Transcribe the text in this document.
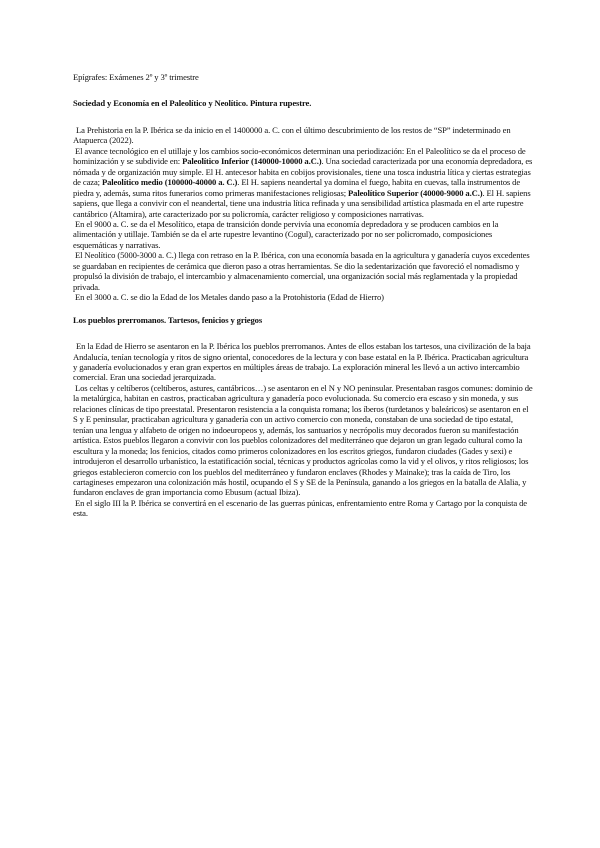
Epígrafes: Exámenes 2º y 3º trimestre

Sociedad y Economía en el Paleolítico y Neolítico. Pintura rupestre.

La Prehistoria en la P. Ibérica se da inicio en el 1400000 a. C. con el último descubrimiento de los restos de “SP” indeterminado en Atapuerca (2022).

El avance tecnológico en el utillaje y los cambios socio-económicos determinan una periodización: En el Paleolítico se da el proceso de hominización y se subdivide en: Paleolítico Inferior (140000-10000 a.C.). Una sociedad caracterizada por una economía depredadora, es nómada y de organización muy simple. El H. antecesor habita en cobijos provisionales, tiene una tosca industria lítica y ciertas estrategias de caza; Paleolítico medio (100000-40000 a. C.). El H. sapiens neandertal ya domina el fuego, habita en cuevas, talla instrumentos de piedra y, además, suma ritos funerarios como primeras manifestaciones religiosas; Paleolítico Superior (40000-9000 a.C.). El H. sapiens sapiens, que llega a convivir con el neandertal, tiene una industria lítica refinada y una sensibilidad artística plasmada en el arte rupestre cantábrico (Altamira), arte caracterizado por su policromía, carácter religioso y composiciones narrativas.

En el 9000 a. C. se da el Mesolítico, etapa de transición donde pervivía una economía depredadora y se producen cambios en la alimentación y utillaje. También se da el arte rupestre levantino (Cogul), caracterizado por no ser policromado, composiciones esquemáticas y narrativas.

El Neolítico (5000-3000 a. C.) llega con retraso en la P. Ibérica, con una economía basada en la agricultura y ganadería cuyos excedentes se guardaban en recipientes de cerámica que dieron paso a otras herramientas. Se dio la sedentarización que favoreció el nomadismo y propulsó la división de trabajo, el intercambio y almacenamiento comercial, una organización social más reglamentada y la propiedad privada.

En el 3000 a. C. se dio la Edad de los Metales dando paso a la Protohistoria (Edad de Hierro)

Los pueblos prerromanos. Tartesos, fenicios y griegos

En la Edad de Hierro se asentaron en la P. Ibérica los pueblos prerromanos. Antes de ellos estaban los tartesos, una civilización de la baja Andalucía, tenían tecnología y ritos de signo oriental, conocedores de la lectura y con base estatal en la P. Ibérica. Practicaban agricultura y ganadería evolucionados y eran gran expertos en múltiples áreas de trabajo. La exploración mineral les llevó a un activo intercambio comercial. Eran una sociedad jerarquizada.

Los celtas y celtíberos (celtíberos, astures, cantábricos…) se asentaron en el N y NO peninsular. Presentaban rasgos comunes: dominio de la metalúrgica, habitan en castros, practicaban agricultura y ganadería poco evolucionada. Su comercio era escaso y sin moneda, y sus relaciones clínicas de tipo preestatal. Presentaron resistencia a la conquista romana; los íberos (turdetanos y baleáricos) se asentaron en el S y E peninsular, practicaban agricultura y ganadería con un activo comercio con moneda, constaban de una sociedad de tipo estatal, tenían una lengua y alfabeto de origen no indoeuropeos y, además, los santuarios y necrópolis muy decorados fueron su manifestación artística. Estos pueblos llegaron a convivir con los pueblos colonizadores del mediterráneo que dejaron un gran legado cultural como la escultura y la moneda; los fenicios, citados como primeros colonizadores en los escritos griegos, fundaron ciudades (Gades y sexi) e introdujeron el desarrollo urbanístico, la estatificación social, técnicas y productos agrícolas como la vid y el olivos, y ritos religiosos; los griegos establecieron comercio con los pueblos del mediterráneo y fundaron enclaves (Rhodes y Mainake); tras la caída de Tiro, los cartagineses empezaron una colonización más hostil, ocupando el S y SE de la Península, ganando a los griegos en la batalla de Alalia, y fundaron enclaves de gran importancia como Ebusum (actual Ibiza).

En el siglo III la P. Ibérica se convertirá en el escenario de las guerras púnicas, enfrentamiento entre Roma y Cartago por la conquista de esta.
